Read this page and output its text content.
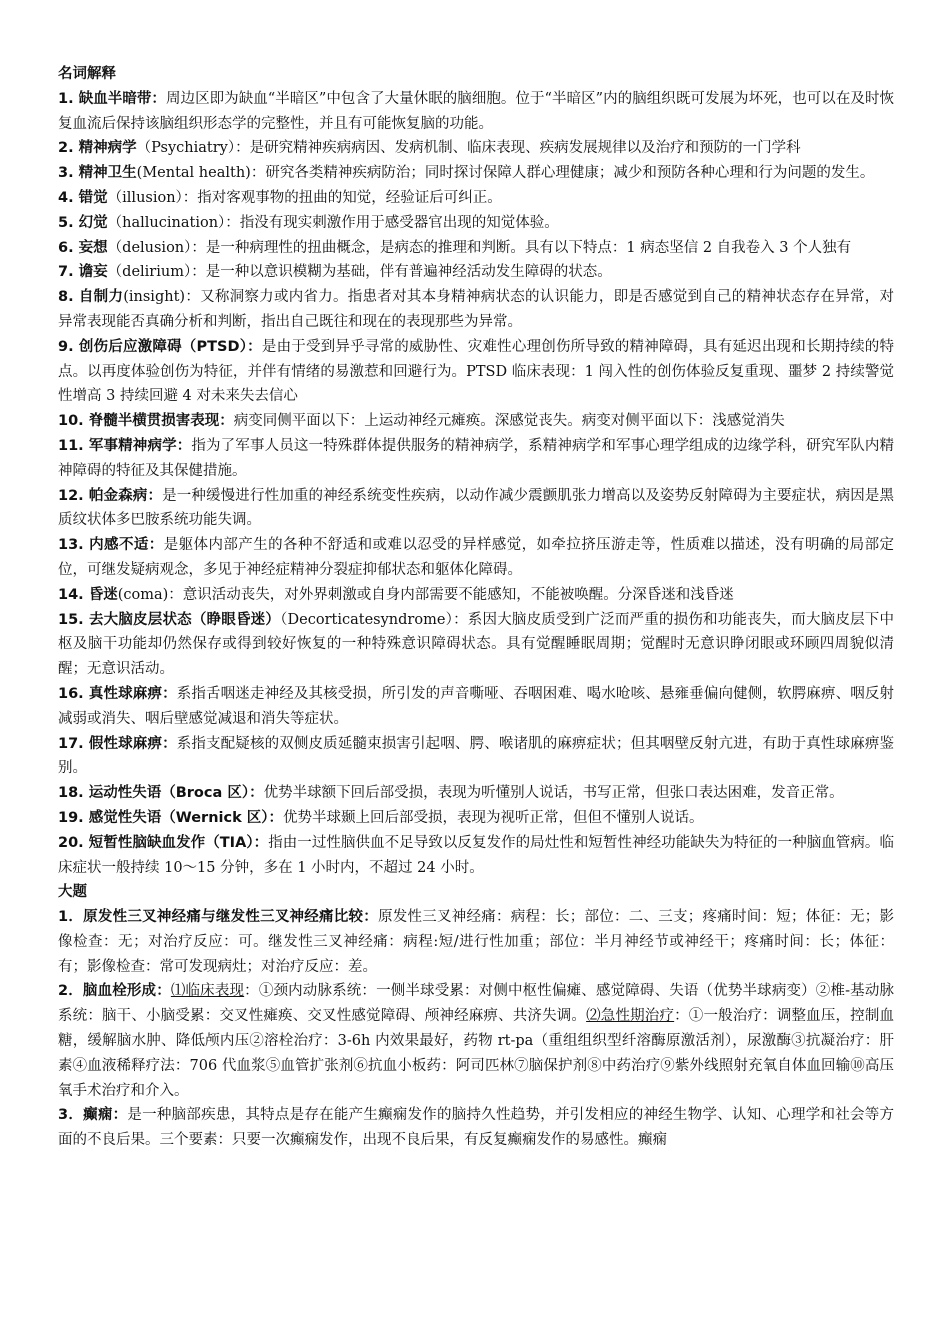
名词解释

1. 缺血半暗带：周边区即为缺血“半暗区”中包含了大量休眠的脑细胞。位于“半暗区”内的脑组织既可发展为坏死，也可以在及时恢复血流后保持该脑组织形态学的完整性，并且有可能恢复脑的功能。

2. 精神病学（Psychiatry）：是研究精神疾病病因、发病机制、临床表现、疾病发展规律以及治疗和预防的一门学科

3. 精神卫生(Mental health)：研究各类精神疾病防治；同时探讨保障人群心理健康；减少和预防各种心理和行为问题的发生。

4. 错觉（illusion）：指对客观事物的扭曲的知觉，经验证后可纠正。

5. 幻觉（hallucination）：指没有现实刺激作用于感受器官出现的知觉体验。

6. 妄想（delusion）：是一种病理性的扭曲概念，是病态的推理和判断。具有以下特点：1 病态坚信 2 自我卷入 3 个人独有

7. 谵妄（delirium）：是一种以意识模糊为基础，伴有普遍神经活动发生障碍的状态。

8. 自制力(insight)：又称洞察力或内省力。指患者对其本身精神病状态的认识能力，即是否感觉到自己的精神状态存在异常，对异常表现能否真确分析和判断，指出自己既往和现在的表现那些为异常。

9. 创伤后应激障碍（PTSD）：是由于受到异乎寻常的威胁性、灾难性心理创伤所导致的精神障碍，具有延迟出现和长期持续的特点。以再度体验创伤为特征，并伴有情绪的易激惹和回避行为。PTSD 临床表现：1 闯入性的创伤体验反复重现、噩梦 2 持续警觉性增高 3 持续回避 4 对未来失去信心

10. 脊髓半横贯损害表现：病变同侧平面以下：上运动神经元瘫痪。深感觉丧失。病变对侧平面以下：浅感觉消失

11. 军事精神病学：指为了军事人员这一特殊群体提供服务的精神病学，系精神病学和军事心理学组成的边缘学科，研究军队内精神障碍的特征及其保健措施。

12. 帕金森病：是一种缓慢进行性加重的神经系统变性疾病，以动作减少震颤肌张力增高以及姿势反射障碍为主要症状，病因是黑质纹状体多巴胺系统功能失调。

13. 内感不适：是躯体内部产生的各种不舒适和或难以忍受的异样感觉，如牵拉挤压游走等，性质难以描述，没有明确的局部定位，可继发疑病观念，多见于神经症精神分裂症抑郁状态和躯体化障碍。

14. 昏迷(coma)：意识活动丧失，对外界刺激或自身内部需要不能感知，不能被唤醒。分深昏迷和浅昏迷

15. 去大脑皮层状态（睁眼昏迷）（Decorticatesyndrome）：系因大脑皮质受到广泛而严重的损伤和功能丧失，而大脑皮层下中枢及脑干功能却仍然保存或得到较好恢复的一种特殊意识障碍状态。具有觉醒睡眠周期；觉醒时无意识睁闭眼或环顾四周貌似清醒；无意识活动。

16. 真性球麻痹：系指舌咽迷走神经及其核受损，所引发的声音嘶哑、吞咽困难、喝水呛咳、悬雍垂偏向健侧，软腭麻痹、咽反射减弱或消失、咽后壁感觉减退和消失等症状。

17. 假性球麻痹：系指支配疑核的双侧皮质延髓束损害引起咽、腭、喉诸肌的麻痹症状；但其咽壁反射亢进，有助于真性球麻痹鉴别。

18. 运动性失语（Broca 区）：优势半球额下回后部受损，表现为听懂别人说话，书写正常，但张口表达困难，发音正常。

19. 感觉性失语（Wernick 区）：优势半球颞上回后部受损，表现为视听正常，但但不懂别人说话。

20. 短暂性脑缺血发作（TIA）：指由一过性脑供血不足导致以反复发作的局灶性和短暂性神经功能缺失为特征的一种脑血管病。临床症状一般持续 10～15 分钟，多在 1 小时内，不超过 24 小时。

大题

1．原发性三叉神经痛与继发性三叉神经痛比较：原发性三叉神经痛：病程：长；部位：二、三支；疼痛时间：短；体征：无；影像检查：无；对治疗反应：可。继发性三叉神经痛：病程:短/进行性加重；部位：半月神经节或神经干；疼痛时间：长；体征：有；影像检查：常可发现病灶；对治疗反应：差。

2．脑血栓形成：⑴临床表现：①颈内动脉系统：一侧半球受累：对侧中枢性偏瘫、感觉障碍、失语（优势半球病变）②椎-基动脉系统：脑干、小脑受累：交叉性瘫痪、交叉性感觉障碍、颅神经麻痹、共济失调。⑵急性期治疗：①一般治疗：调整血压，控制血糖，缓解脑水肿、降低颅内压②溶栓治疗：3-6h 内效果最好，药物 rt-pa（重组组织型纤溶酶原激活剂），尿激酶③抗凝治疗：肝素④血液稀释疗法：706 代血浆⑤血管扩张剂⑥抗血小板药：阿司匹林⑦脑保护剂⑧中药治疗⑨紫外线照射充氧自体血回输⑩高压氧手术治疗和介入。

3．癫痫：是一种脑部疾患，其特点是存在能产生癫痫发作的脑持久性趋势，并引发相应的神经生物学、认知、心理学和社会等方面的不良后果。三个要素：只要一次癫痫发作，出现不良后果，有反复癫痫发作的易感性。癫痫
